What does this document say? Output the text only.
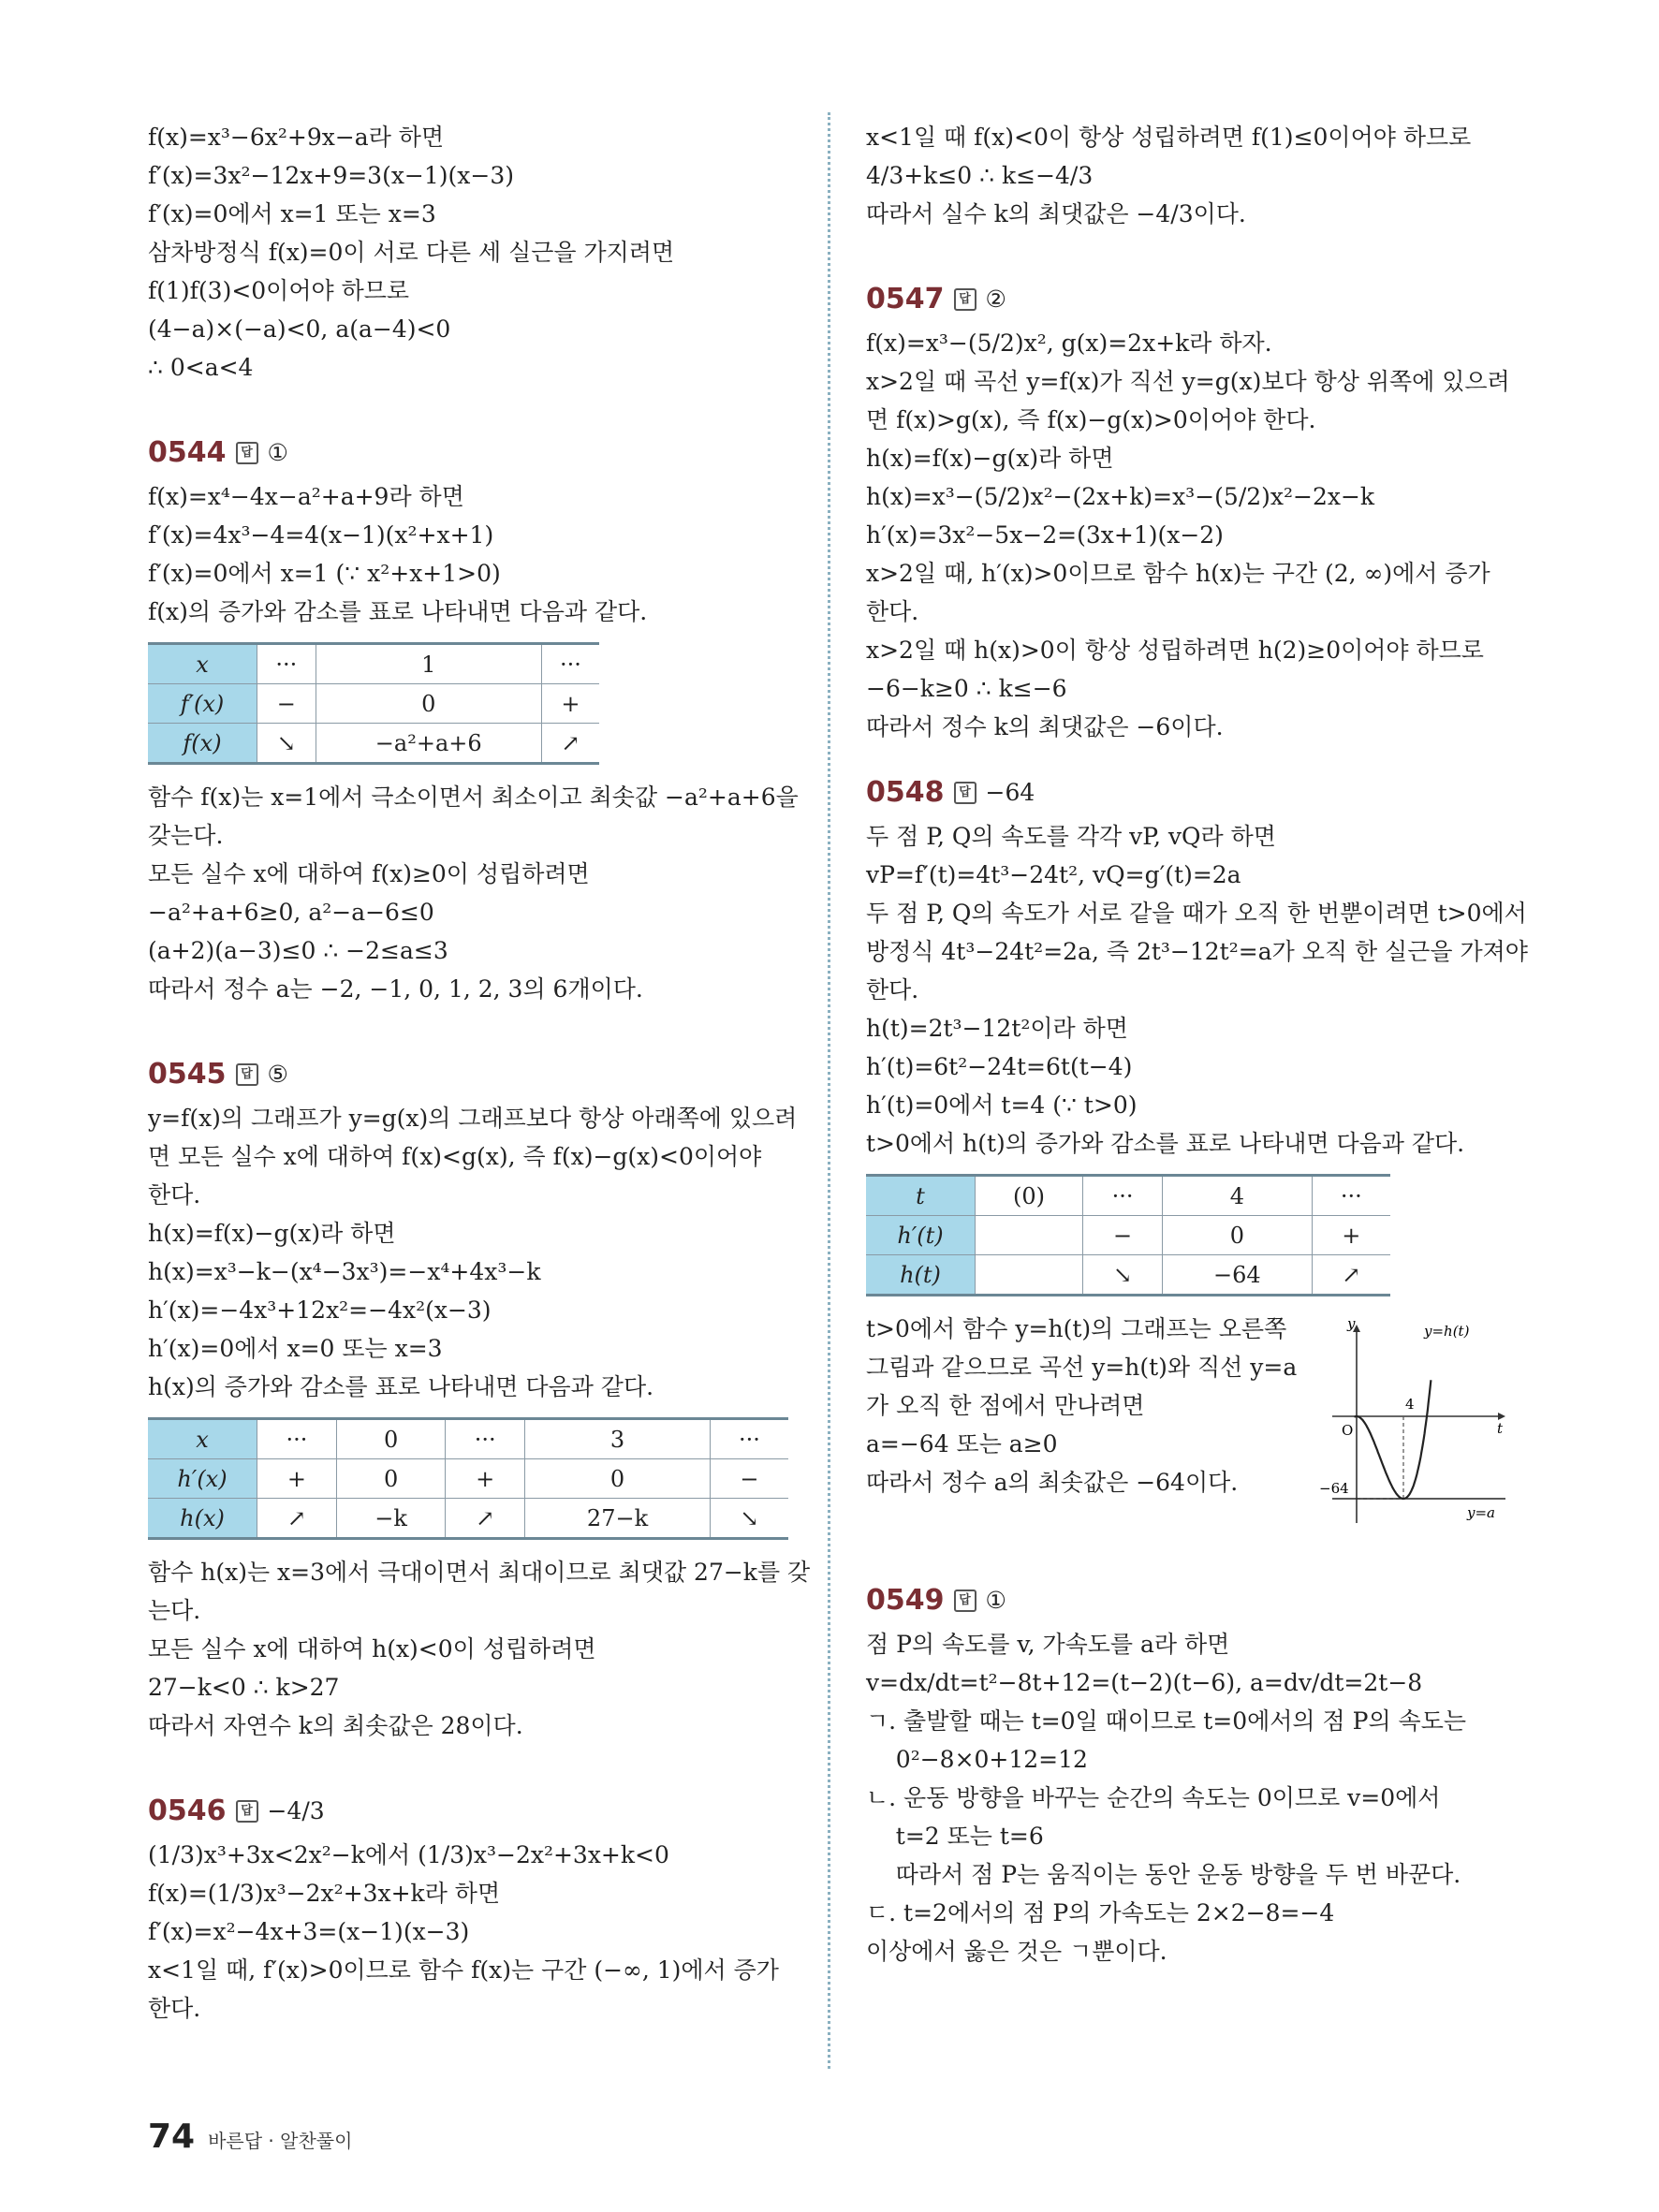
f(x)=x³−6x²+9x−a라 하면
f′(x)=3x²−12x+9=3(x−1)(x−3)
f′(x)=0에서 x=1 또는 x=3
삼차방정식 f(x)=0이 서로 다른 세 실근을 가지려면
f(1)f(3)<0이어야 하므로
(4−a)×(−a)<0, a(a−4)<0
∴ 0<a<4
0544	답 ①
f(x)=x⁴−4x−a²+a+9라 하면
f′(x)=4x³−4=4(x−1)(x²+x+1)
f′(x)=0에서 x=1 (∵ x²+x+1>0)
f(x)의 증가와 감소를 표로 나타내면 다음과 같다.
x	···	1	···
f′(x)	−	0	+
f(x)	↘	−a²+a+6	↗
함수 f(x)는 x=1에서 극소이면서 최소이고 최솟값 −a²+a+6을
갖는다.
모든 실수 x에 대하여 f(x)≥0이 성립하려면
−a²+a+6≥0, a²−a−6≤0
(a+2)(a−3)≤0 ∴ −2≤a≤3
따라서 정수 a는 −2, −1, 0, 1, 2, 3의 6개이다.
0545	답 ⑤
y=f(x)의 그래프가 y=g(x)의 그래프보다 항상 아래쪽에 있으려
면 모든 실수 x에 대하여 f(x)<g(x), 즉 f(x)−g(x)<0이어야
한다.
h(x)=f(x)−g(x)라 하면
h(x)=x³−k−(x⁴−3x³)=−x⁴+4x³−k
h′(x)=−4x³+12x²=−4x²(x−3)
h′(x)=0에서 x=0 또는 x=3
h(x)의 증가와 감소를 표로 나타내면 다음과 같다.
x	···	0	···	3	···
h′(x)	+	0	+	0	−
h(x)	↗	−k	↗	27−k	↘
함수 h(x)는 x=3에서 극대이면서 최대이므로 최댓값 27−k를 갖
는다.
모든 실수 x에 대하여 h(x)<0이 성립하려면
27−k<0 ∴ k>27
따라서 자연수 k의 최솟값은 28이다.
0546	답 −4/3
(1/3)x³+3x<2x²−k에서 (1/3)x³−2x²+3x+k<0
f(x)=(1/3)x³−2x²+3x+k라 하면
f′(x)=x²−4x+3=(x−1)(x−3)
x<1일 때, f′(x)>0이므로 함수 f(x)는 구간 (−∞, 1)에서 증가
한다.
x<1일 때 f(x)<0이 항상 성립하려면 f(1)≤0이어야 하므로
4/3+k≤0 ∴ k≤−4/3
따라서 실수 k의 최댓값은 −4/3이다.
0547	답 ②
f(x)=x³−(5/2)x², g(x)=2x+k라 하자.
x>2일 때 곡선 y=f(x)가 직선 y=g(x)보다 항상 위쪽에 있으려
면 f(x)>g(x), 즉 f(x)−g(x)>0이어야 한다.
h(x)=f(x)−g(x)라 하면
h(x)=x³−(5/2)x²−(2x+k)=x³−(5/2)x²−2x−k
h′(x)=3x²−5x−2=(3x+1)(x−2)
x>2일 때, h′(x)>0이므로 함수 h(x)는 구간 (2, ∞)에서 증가
한다.
x>2일 때 h(x)>0이 항상 성립하려면 h(2)≥0이어야 하므로
−6−k≥0 ∴ k≤−6
따라서 정수 k의 최댓값은 −6이다.
0548	답 −64
두 점 P, Q의 속도를 각각 vP, vQ라 하면
vP=f′(t)=4t³−24t², vQ=g′(t)=2a
두 점 P, Q의 속도가 서로 같을 때가 오직 한 번뿐이려면 t>0에서
방정식 4t³−24t²=2a, 즉 2t³−12t²=a가 오직 한 실근을 가져야
한다.
h(t)=2t³−12t²이라 하면
h′(t)=6t²−24t=6t(t−4)
h′(t)=0에서 t=4 (∵ t>0)
t>0에서 h(t)의 증가와 감소를 표로 나타내면 다음과 같다.
t	(0)	···	4	···
h′(t)		−	0	+
h(t)		↘	−64	↗
t>0에서 함수 y=h(t)의 그래프는 오른쪽
그림과 같으므로 곡선 y=h(t)와 직선 y=a
가 오직 한 점에서 만나려면
a=−64 또는 a≥0
따라서 정수 a의 최솟값은 −64이다.
y
t
O
4
−64
y=h(t)
y=a
0549	답 ①
점 P의 속도를 v, 가속도를 a라 하면
v=dx/dt=t²−8t+12=(t−2)(t−6), a=dv/dt=2t−8
ㄱ. 출발할 때는 t=0일 때이므로 t=0에서의 점 P의 속도는
0²−8×0+12=12
ㄴ. 운동 방향을 바꾸는 순간의 속도는 0이므로 v=0에서
t=2 또는 t=6
따라서 점 P는 움직이는 동안 운동 방향을 두 번 바꾼다.
ㄷ. t=2에서의 점 P의 가속도는 2×2−8=−4
이상에서 옳은 것은 ㄱ뿐이다.
74 바른답 · 알찬풀이
